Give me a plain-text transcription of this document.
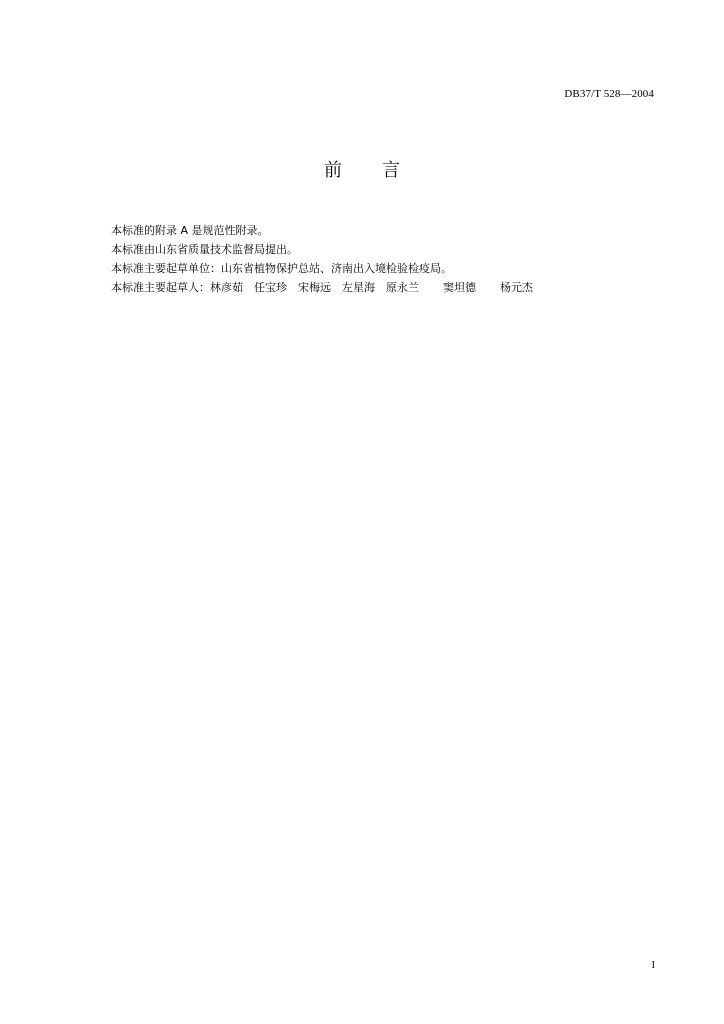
DB37/T 528—2004
前 言
本标准的附录 A 是规范性附录。
本标准由山东省质量技术监督局提出。
本标准主要起草单位：山东省植物保护总站、济南出入境检验检疫局。
本标准主要起草人：林彦茹 任宝珍 宋梅远 左星海 原永兰 窦坦德 杨元杰
I
